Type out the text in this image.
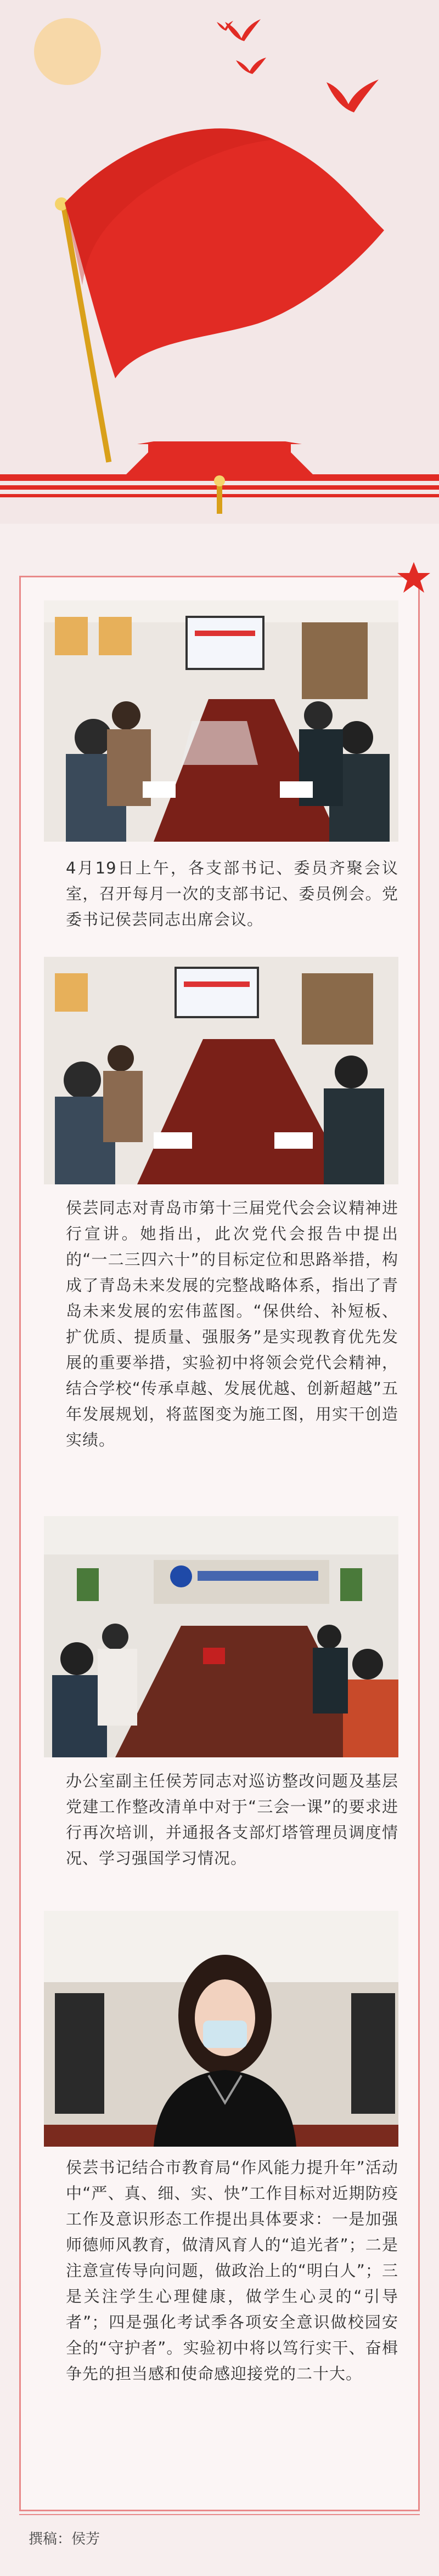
4月19日上午，各支部书记、委员齐聚会议室，召开每月一次的支部书记、委员例会。党委书记侯芸同志出席会议。
侯芸同志对青岛市第十三届党代会会议精神进行宣讲。她指出，此次党代会报告中提出的“一二三四六十”的目标定位和思路举措，构成了青岛未来发展的完整战略体系，指出了青岛未来发展的宏伟蓝图。“保供给、补短板、扩优质、提质量、强服务”是实现教育优先发展的重要举措，实验初中将领会党代会精神，结合学校“传承卓越、发展优越、创新超越”五年发展规划，将蓝图变为施工图，用实干创造实绩。
办公室副主任侯芳同志对巡访整改问题及基层党建工作整改清单中对于“三会一课”的要求进行再次培训，并通报各支部灯塔管理员调度情况、学习强国学习情况。
侯芸书记结合市教育局“作风能力提升年”活动中“严、真、细、实、快”工作目标对近期防疫工作及意识形态工作提出具体要求：一是加强师德师风教育，做清风育人的“追光者”；二是注意宣传导向问题，做政治上的“明白人”；三是关注学生心理健康，做学生心灵的“引导者”；四是强化考试季各项安全意识做校园安全的“守护者”。实验初中将以笃行实干、奋楫争先的担当感和使命感迎接党的二十大。
撰稿：侯芳
